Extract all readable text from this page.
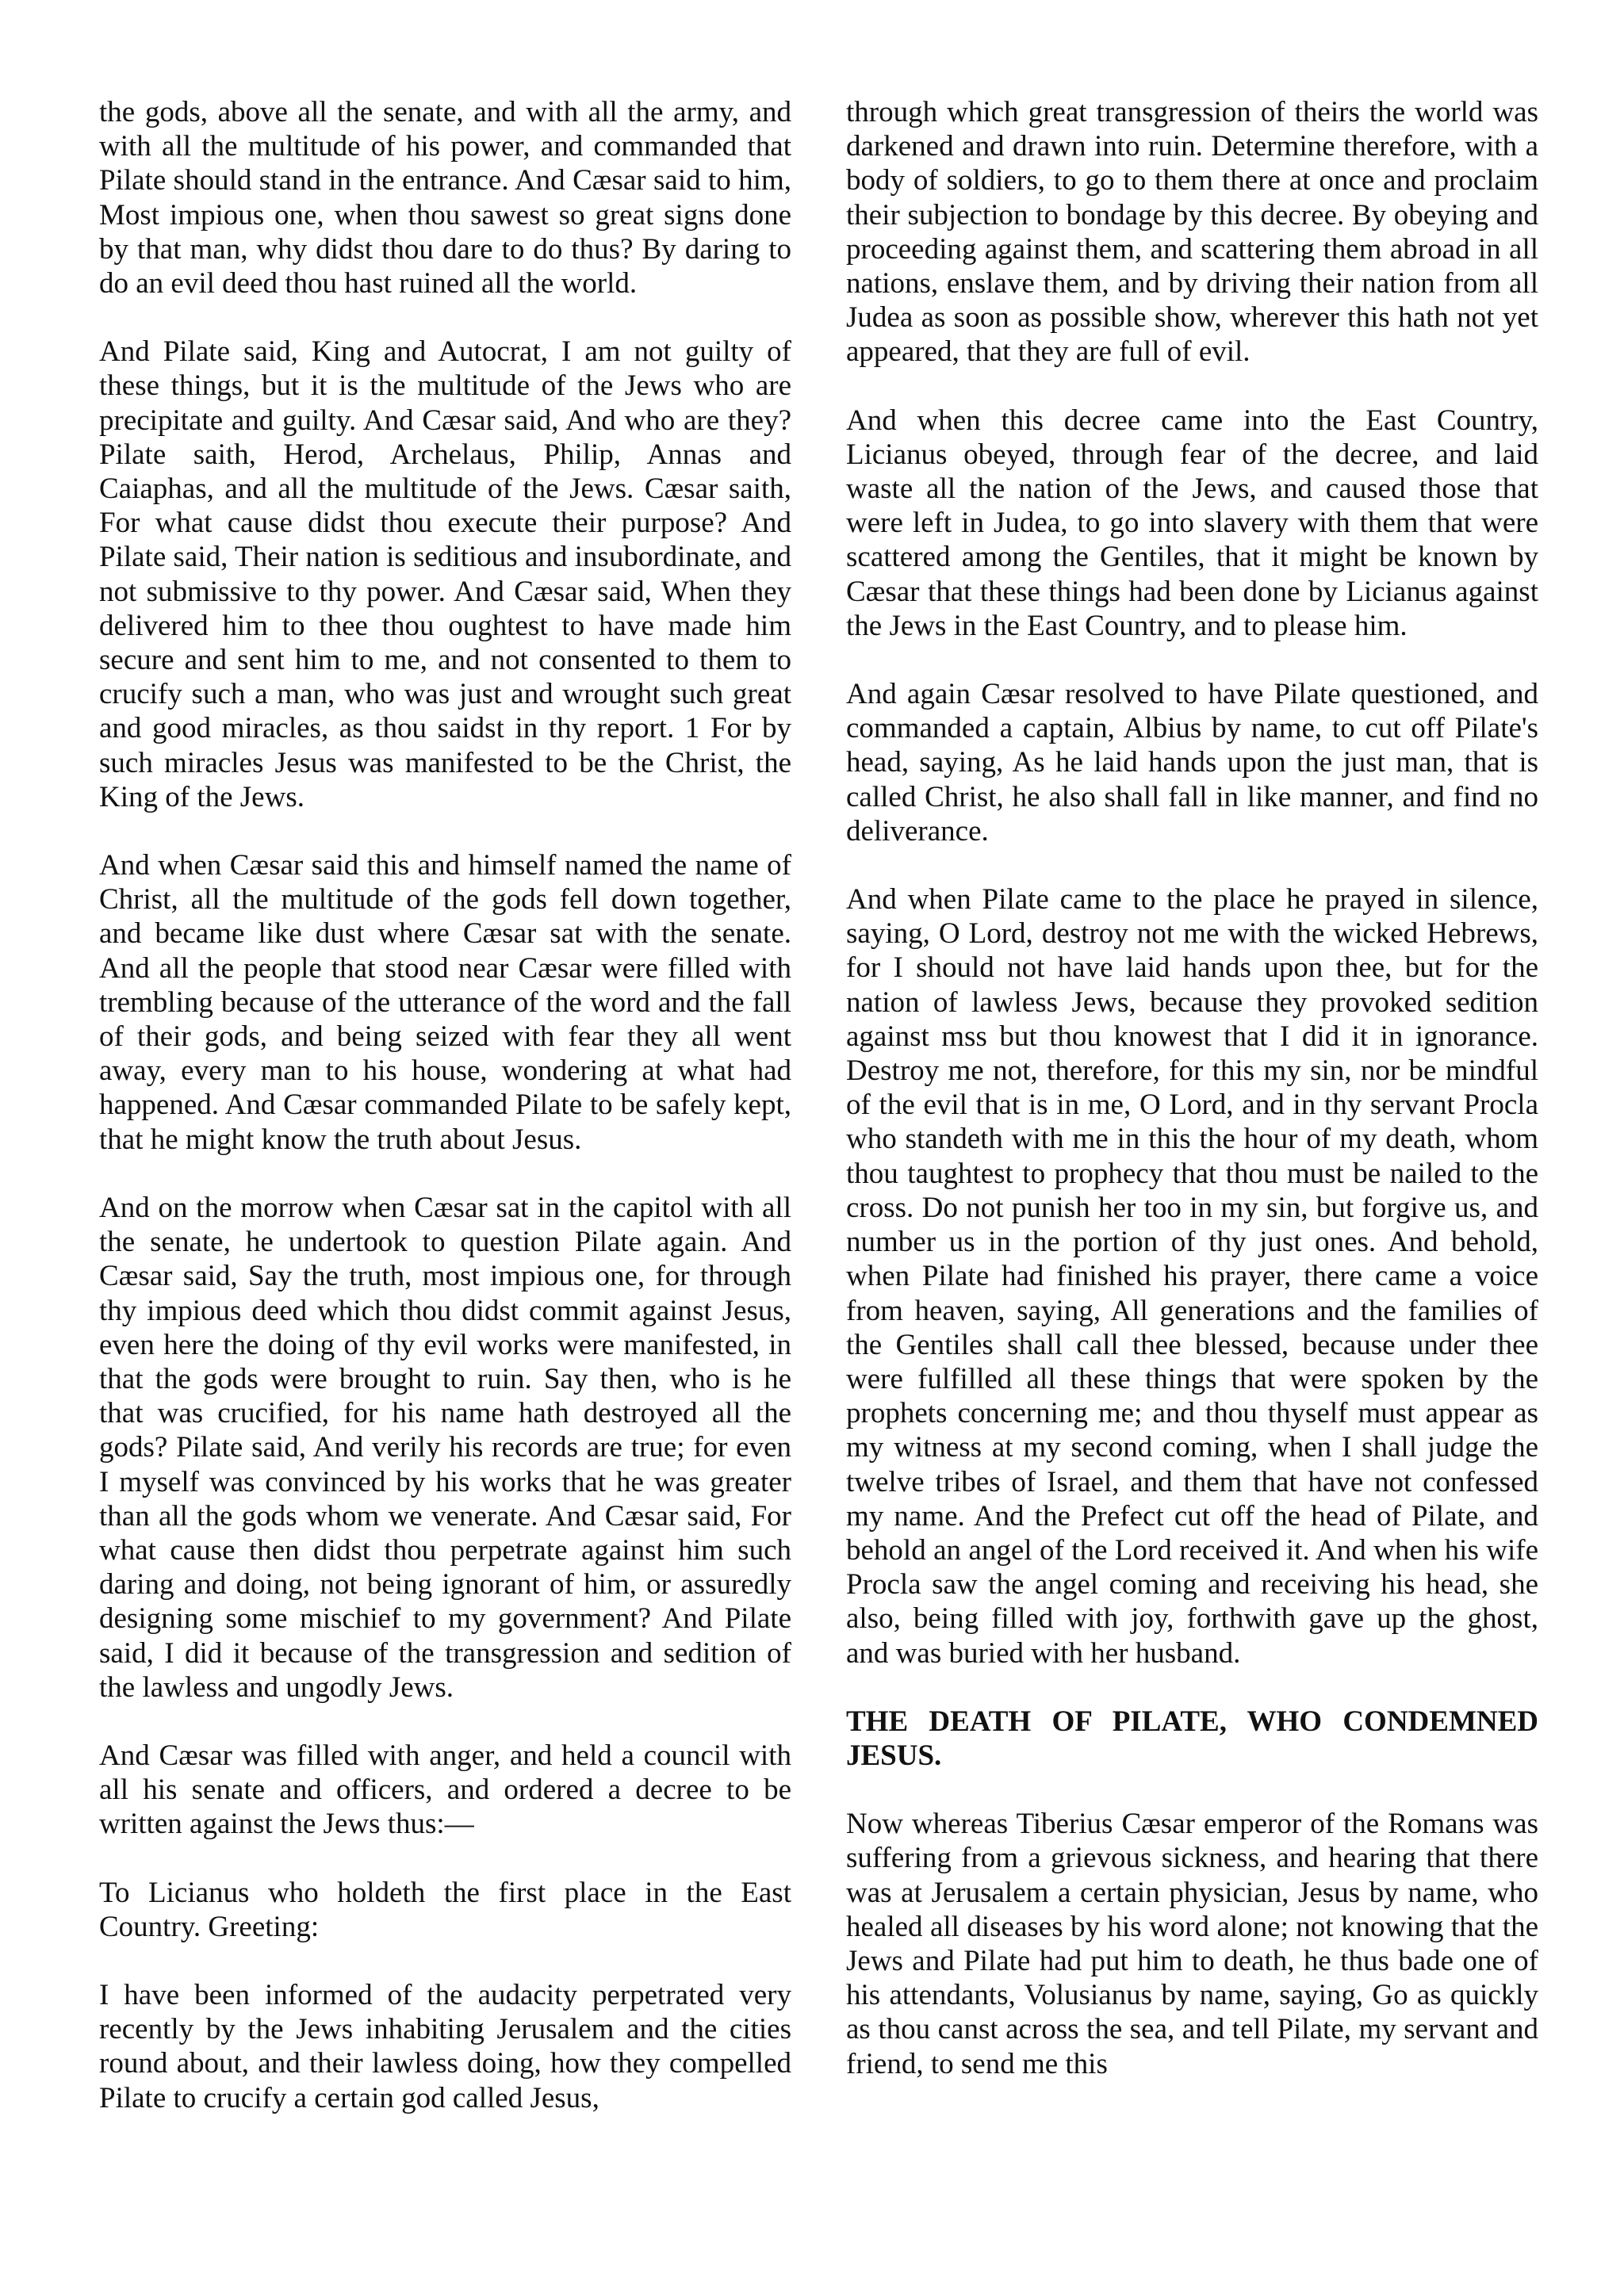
the gods, above all the senate, and with all the army, and with all the multitude of his power, and commanded that Pilate should stand in the entrance. And Cæsar said to him, Most impious one, when thou sawest so great signs done by that man, why didst thou dare to do thus? By daring to do an evil deed thou hast ruined all the world.

And Pilate said, King and Autocrat, I am not guilty of these things, but it is the multitude of the Jews who are precipitate and guilty. And Cæsar said, And who are they? Pilate saith, Herod, Archelaus, Philip, Annas and Caiaphas, and all the multitude of the Jews. Cæsar saith, For what cause didst thou execute their purpose? And Pilate said, Their nation is seditious and insubordinate, and not submissive to thy power. And Cæsar said, When they delivered him to thee thou oughtest to have made him secure and sent him to me, and not consented to them to crucify such a man, who was just and wrought such great and good miracles, as thou saidst in thy report. 1 For by such miracles Jesus was manifested to be the Christ, the King of the Jews.

And when Cæsar said this and himself named the name of Christ, all the multitude of the gods fell down together, and became like dust where Cæsar sat with the senate. And all the people that stood near Cæsar were filled with trembling because of the utterance of the word and the fall of their gods, and being seized with fear they all went away, every man to his house, wondering at what had happened. And Cæsar commanded Pilate to be safely kept, that he might know the truth about Jesus.

And on the morrow when Cæsar sat in the capitol with all the senate, he undertook to question Pilate again. And Cæsar said, Say the truth, most impious one, for through thy impious deed which thou didst commit against Jesus, even here the doing of thy evil works were manifested, in that the gods were brought to ruin. Say then, who is he that was crucified, for his name hath destroyed all the gods? Pilate said, And verily his records are true; for even I myself was convinced by his works that he was greater than all the gods whom we venerate. And Cæsar said, For what cause then didst thou perpetrate against him such daring and doing, not being ignorant of him, or assuredly designing some mischief to my government? And Pilate said, I did it because of the transgression and sedition of the lawless and ungodly Jews.

And Cæsar was filled with anger, and held a council with all his senate and officers, and ordered a decree to be written against the Jews thus:—

To Licianus who holdeth the first place in the East Country. Greeting:

I have been informed of the audacity perpetrated very recently by the Jews inhabiting Jerusalem and the cities round about, and their lawless doing, how they compelled Pilate to crucify a certain god called Jesus,

through which great transgression of theirs the world was darkened and drawn into ruin. Determine therefore, with a body of soldiers, to go to them there at once and proclaim their subjection to bondage by this decree. By obeying and proceeding against them, and scattering them abroad in all nations, enslave them, and by driving their nation from all Judea as soon as possible show, wherever this hath not yet appeared, that they are full of evil.

And when this decree came into the East Country, Licianus obeyed, through fear of the decree, and laid waste all the nation of the Jews, and caused those that were left in Judea, to go into slavery with them that were scattered among the Gentiles, that it might be known by Cæsar that these things had been done by Licianus against the Jews in the East Country, and to please him.

And again Cæsar resolved to have Pilate questioned, and commanded a captain, Albius by name, to cut off Pilate's head, saying, As he laid hands upon the just man, that is called Christ, he also shall fall in like manner, and find no deliverance.

And when Pilate came to the place he prayed in silence, saying, O Lord, destroy not me with the wicked Hebrews, for I should not have laid hands upon thee, but for the nation of lawless Jews, because they provoked sedition against mss but thou knowest that I did it in ignorance. Destroy me not, therefore, for this my sin, nor be mindful of the evil that is in me, O Lord, and in thy servant Procla who standeth with me in this the hour of my death, whom thou taughtest to prophecy that thou must be nailed to the cross. Do not punish her too in my sin, but forgive us, and number us in the portion of thy just ones. And behold, when Pilate had finished his prayer, there came a voice from heaven, saying, All generations and the families of the Gentiles shall call thee blessed, because under thee were fulfilled all these things that were spoken by the prophets concerning me; and thou thyself must appear as my witness at my second coming, when I shall judge the twelve tribes of Israel, and them that have not confessed my name. And the Prefect cut off the head of Pilate, and behold an angel of the Lord received it. And when his wife Procla saw the angel coming and receiving his head, she also, being filled with joy, forthwith gave up the ghost, and was buried with her husband.

THE DEATH OF PILATE, WHO CONDEMNED JESUS.

Now whereas Tiberius Cæsar emperor of the Romans was suffering from a grievous sickness, and hearing that there was at Jerusalem a certain physician, Jesus by name, who healed all diseases by his word alone; not knowing that the Jews and Pilate had put him to death, he thus bade one of his attendants, Volusianus by name, saying, Go as quickly as thou canst across the sea, and tell Pilate, my servant and friend, to send me this
